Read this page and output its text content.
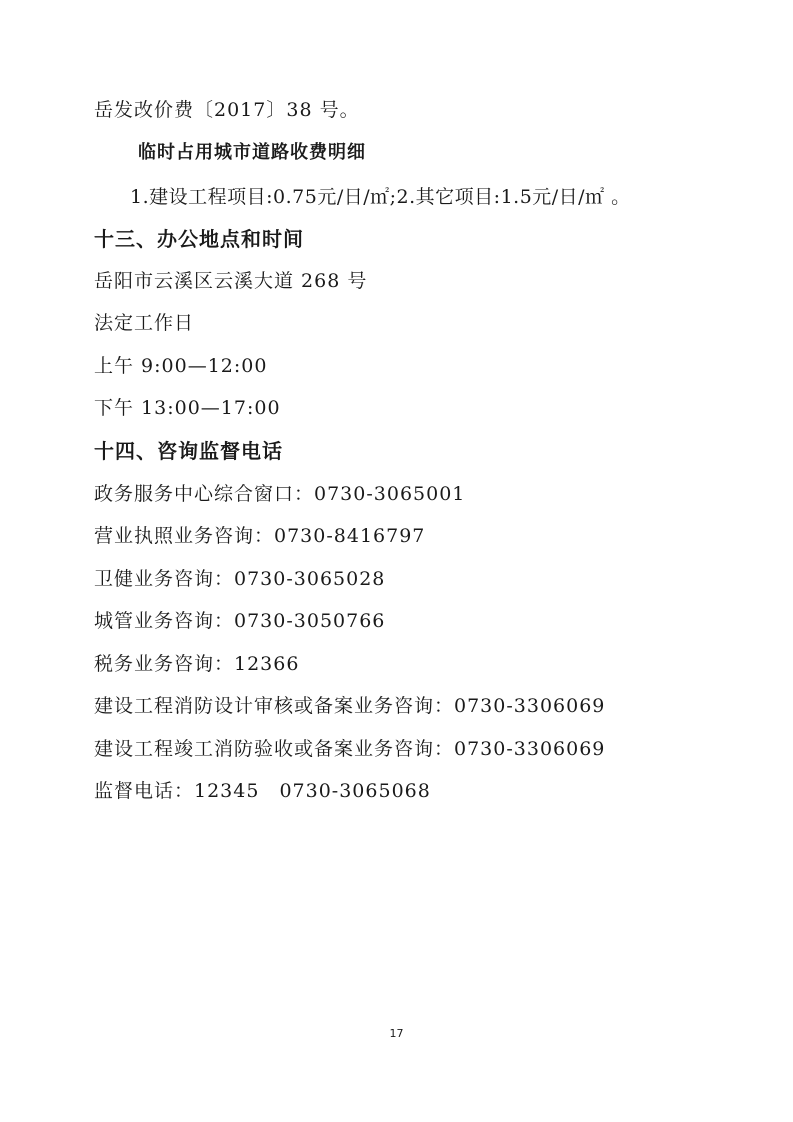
岳发改价费〔2017〕38 号。
临时占用城市道路收费明细
1.建设工程项目:0.75元/日/㎡;2.其它项目:1.5元/日/㎡ 。
十三、办公地点和时间
岳阳市云溪区云溪大道 268 号
法定工作日
上午 9:00—12:00
下午 13:00—17:00
十四、咨询监督电话
政务服务中心综合窗口：0730-3065001
营业执照业务咨询：0730-8416797
卫健业务咨询：0730-3065028
城管业务咨询：0730-3050766
税务业务咨询：12366
建设工程消防设计审核或备案业务咨询：0730-3306069
建设工程竣工消防验收或备案业务咨询：0730-3306069
监督电话：12345　0730-3065068
17
